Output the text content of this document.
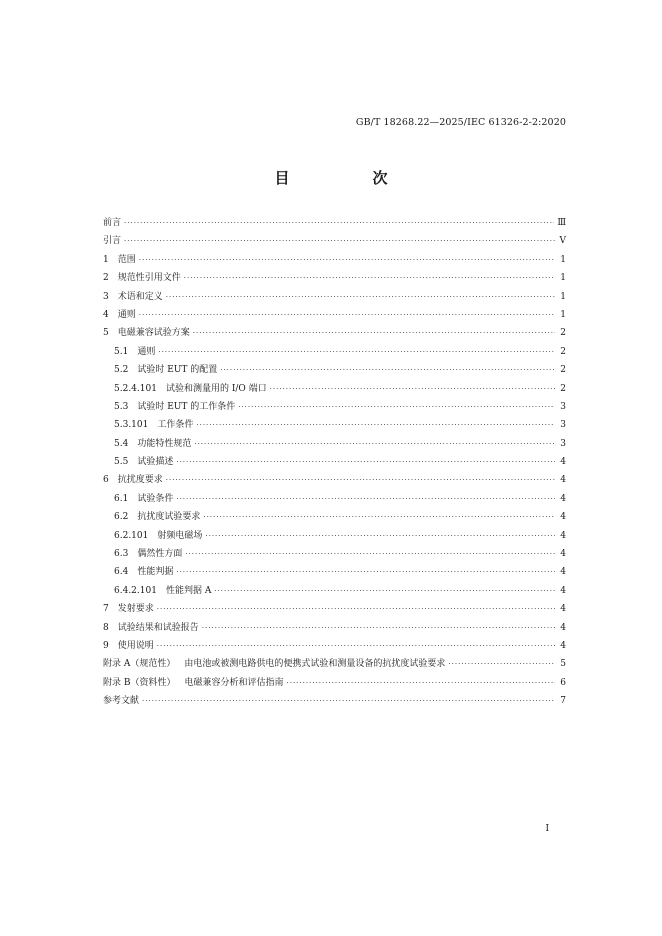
GB/T 18268.22—2025/IEC 61326-2-2:2020
目　次
前言 ·····	Ⅲ
引言 ·····	Ⅴ
1 范围 ·····	1
2 规范性引用文件 ·····	1
3 术语和定义 ·····	1
4 通则 ·····	1
5 电磁兼容试验方案 ·····	2
5.1 通则 ·····	2
5.2 试验时 EUT 的配置 ·····	2
5.2.4.101 试验和测量用的 I/O 端口 ·····	2
5.3 试验时 EUT 的工作条件 ·····	3
5.3.101 工作条件 ·····	3
5.4 功能特性规范 ·····	3
5.5 试验描述 ·····	4
6 抗扰度要求 ·····	4
6.1 试验条件 ·····	4
6.2 抗扰度试验要求 ·····	4
6.2.101 射频电磁场 ·····	4
6.3 偶然性方面 ·····	4
6.4 性能判据 ·····	4
6.4.2.101 性能判据 A ·····	4
7 发射要求 ·····	4
8 试验结果和试验报告 ·····	4
9 使用说明 ·····	4
附录 A（规范性） 由电池或被测电路供电的便携式试验和测量设备的抗扰度试验要求 ·····	5
附录 B（资料性） 电磁兼容分析和评估指南 ·····	6
参考文献 ·····	7
Ⅰ
